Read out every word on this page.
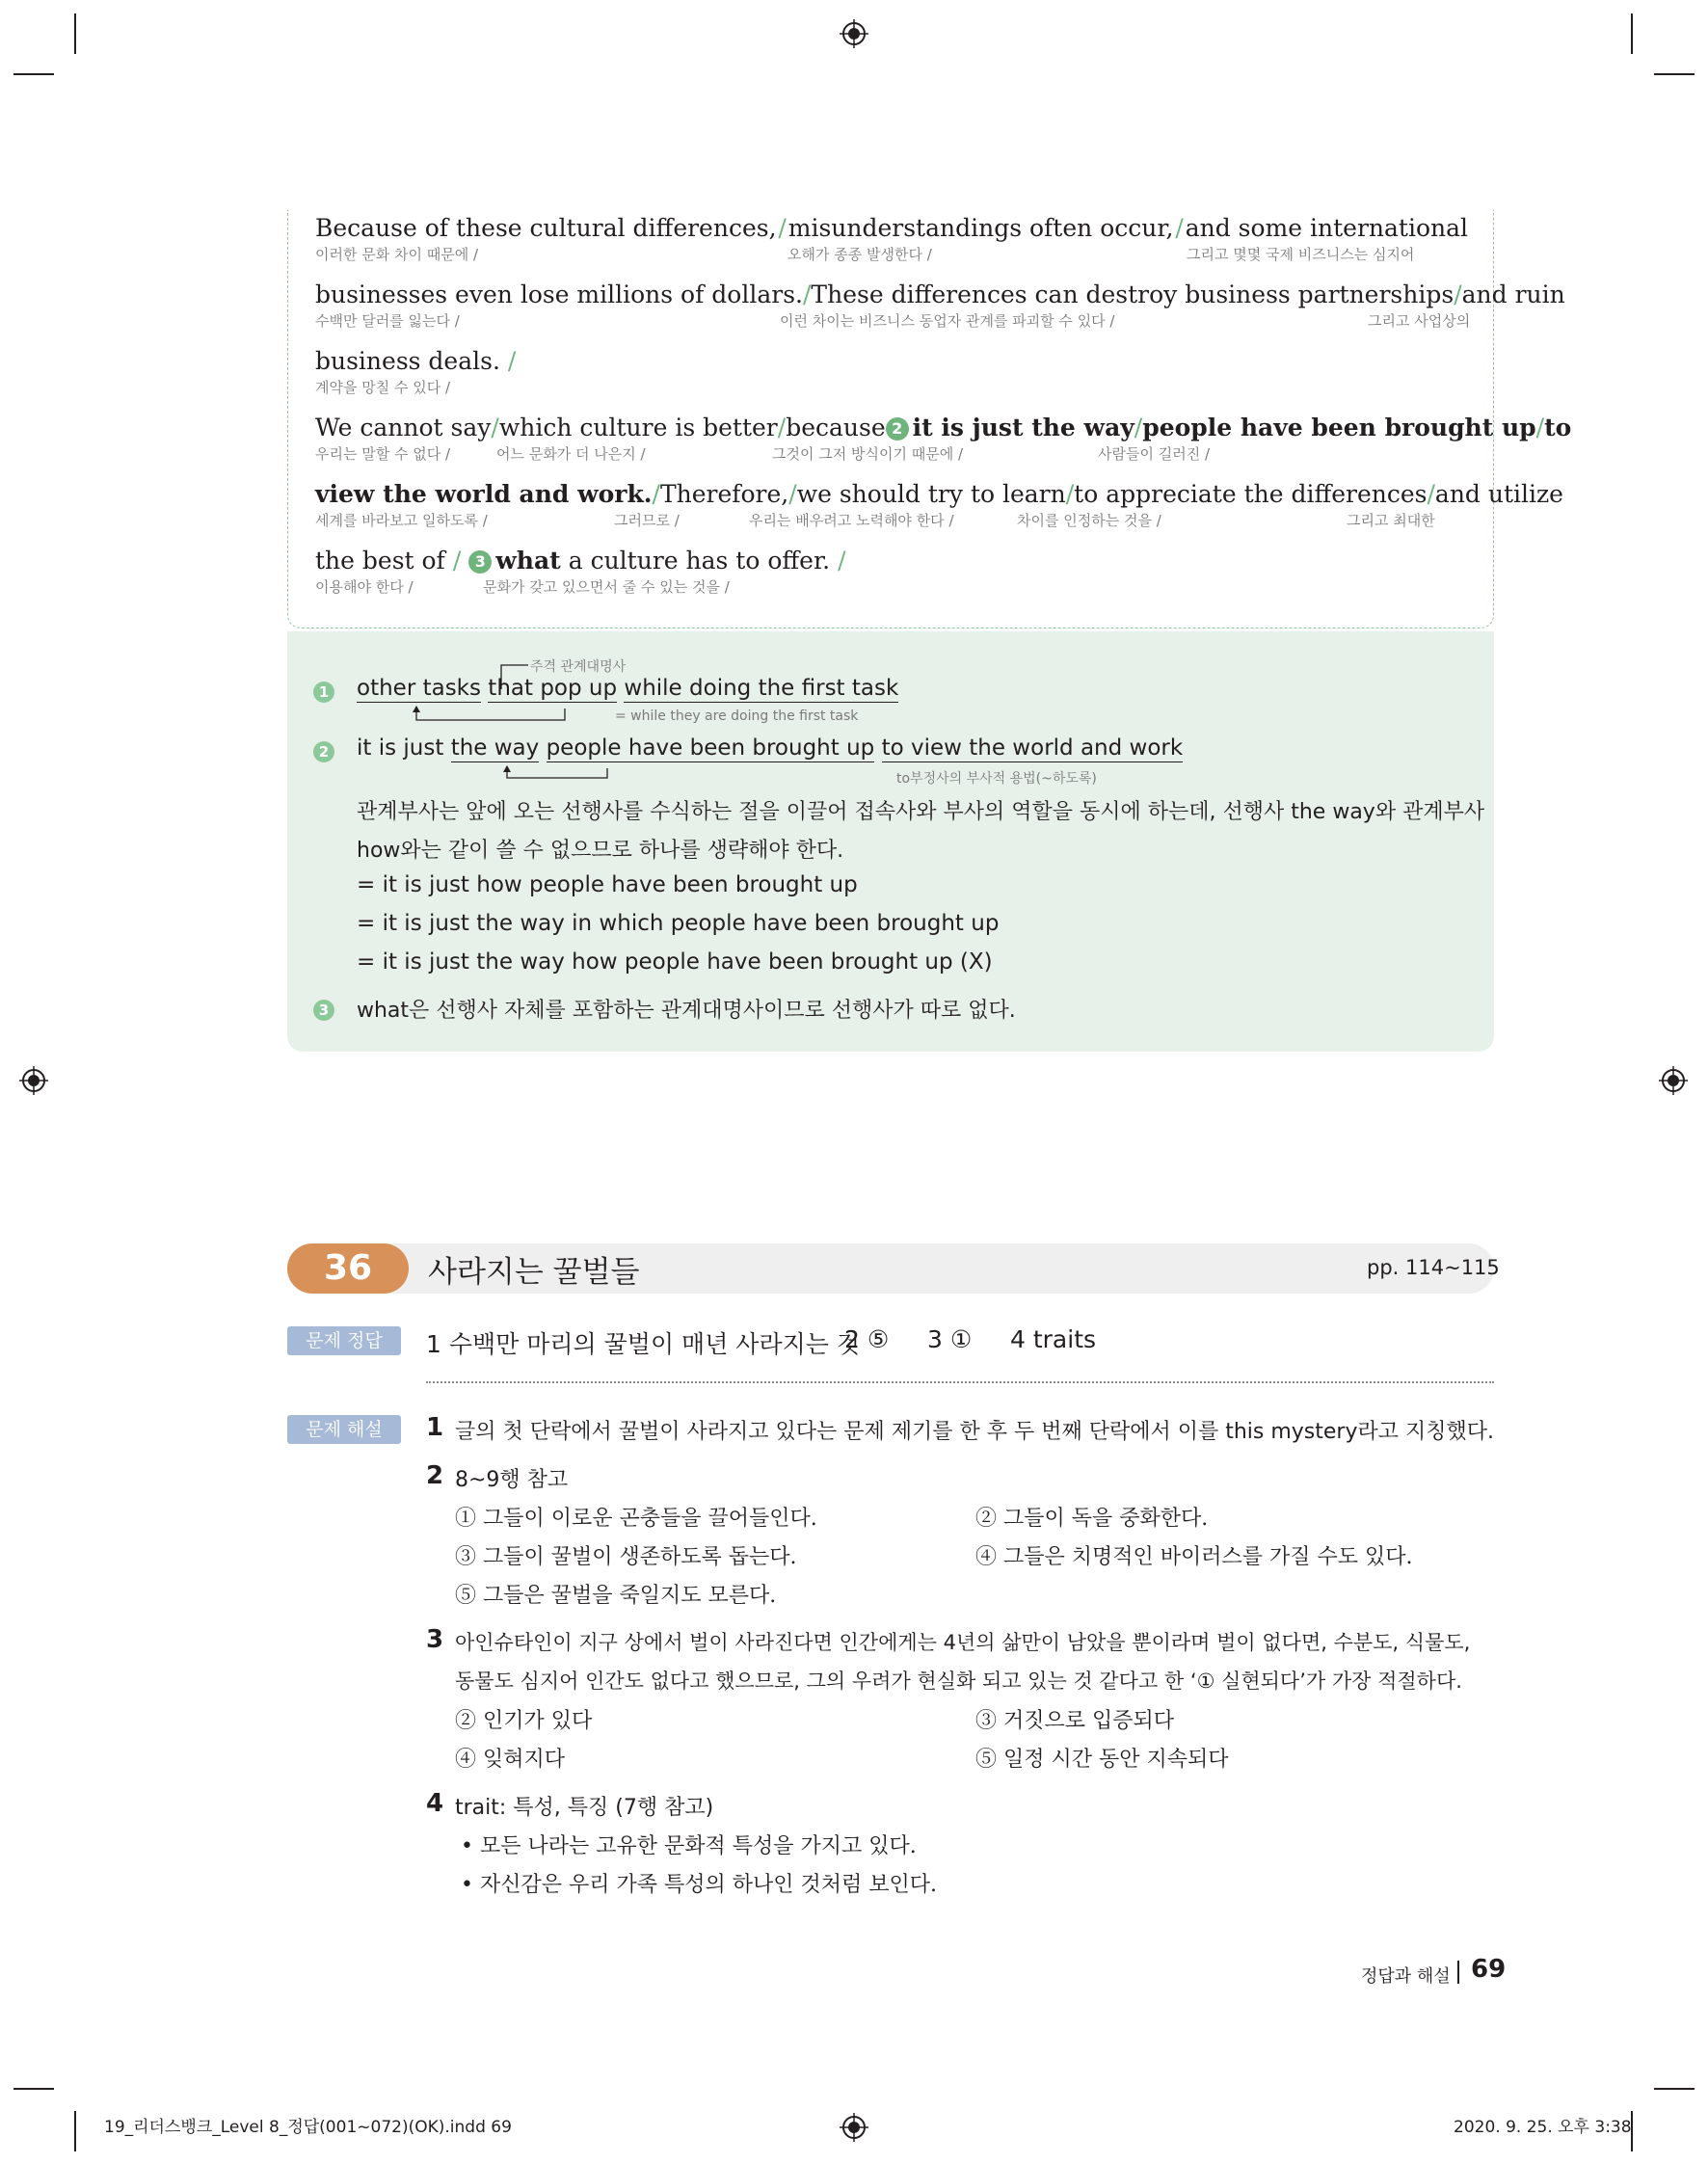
Because of these cultural differences, / misunderstandings often occur, / and some international
이러한 문화 차이 때문에 /	오해가 종종 발생한다 /	그리고 몇몇 국제 비즈니스는 심지어
businesses even lose millions of dollars. / These differences can destroy business partnerships / and ruin
수백만 달러를 잃는다 /	이런 차이는 비즈니스 동업자 관계를 파괴할 수 있다 /	그리고 사업상의
business deals. /
계약을 망칠 수 있다 /
We cannot say / which culture is better / because 2 it is just the way / people have been brought up / to
우리는 말할 수 없다 /	어느 문화가 더 나은지 /	그것이 그저 방식이기 때문에 /	사람들이 길러진 /
view the world and work. / Therefore, / we should try to learn / to appreciate the differences / and utilize
세계를 바라보고 일하도록 /	그러므로 /	우리는 배우려고 노력해야 한다 /	차이를 인정하는 것을 /	그리고 최대한
the best of / 3 what a culture has to offer. /
이용해야 한다 /	문화가 갖고 있으면서 줄 수 있는 것을 /
주격 관계대명사
1 other tasks that pop up while doing the first task
= while they are doing the first task
2 it is just the way people have been brought up to view the world and work
to부정사의 부사적 용법(~하도록)
관계부사는 앞에 오는 선행사를 수식하는 절을 이끌어 접속사와 부사의 역할을 동시에 하는데, 선행사 the way와 관계부사
how와는 같이 쓸 수 없으므로 하나를 생략해야 한다.
= it is just how people have been brought up
= it is just the way in which people have been brought up
= it is just the way how people have been brought up (X)
3 what은 선행사 자체를 포함하는 관계대명사이므로 선행사가 따로 없다.
36	사라지는 꿀벌들	pp. 114~115
문제 정답	1 수백만 마리의 꿀벌이 매년 사라지는 것
2 ⑤ 3 ① 4 traits
문제 해설	1 글의 첫 단락에서 꿀벌이 사라지고 있다는 문제 제기를 한 후 두 번째 단락에서 이를 this mystery라고 지칭했다.
2 8~9행 참고
① 그들이 이로운 곤충들을 끌어들인다.	② 그들이 독을 중화한다.
③ 그들이 꿀벌이 생존하도록 돕는다.	④ 그들은 치명적인 바이러스를 가질 수도 있다.
⑤ 그들은 꿀벌을 죽일지도 모른다.
3 아인슈타인이 지구 상에서 벌이 사라진다면 인간에게는 4년의 삶만이 남았을 뿐이라며 벌이 없다면, 수분도, 식물도,
동물도 심지어 인간도 없다고 했으므로, 그의 우려가 현실화 되고 있는 것 같다고 한 ‘① 실현되다’가 가장 적절하다.
② 인기가 있다	③ 거짓으로 입증되다
④ 잊혀지다	⑤ 일정 시간 동안 지속되다
4 trait: 특성, 특징 (7행 참고)
• 모든 나라는 고유한 문화적 특성을 가지고 있다.
• 자신감은 우리 가족 특성의 하나인 것처럼 보인다.
정답과 해설 69
19_리더스뱅크_Level 8_정답(001~072)(OK).indd 69	2020. 9. 25. 오후 3:38
